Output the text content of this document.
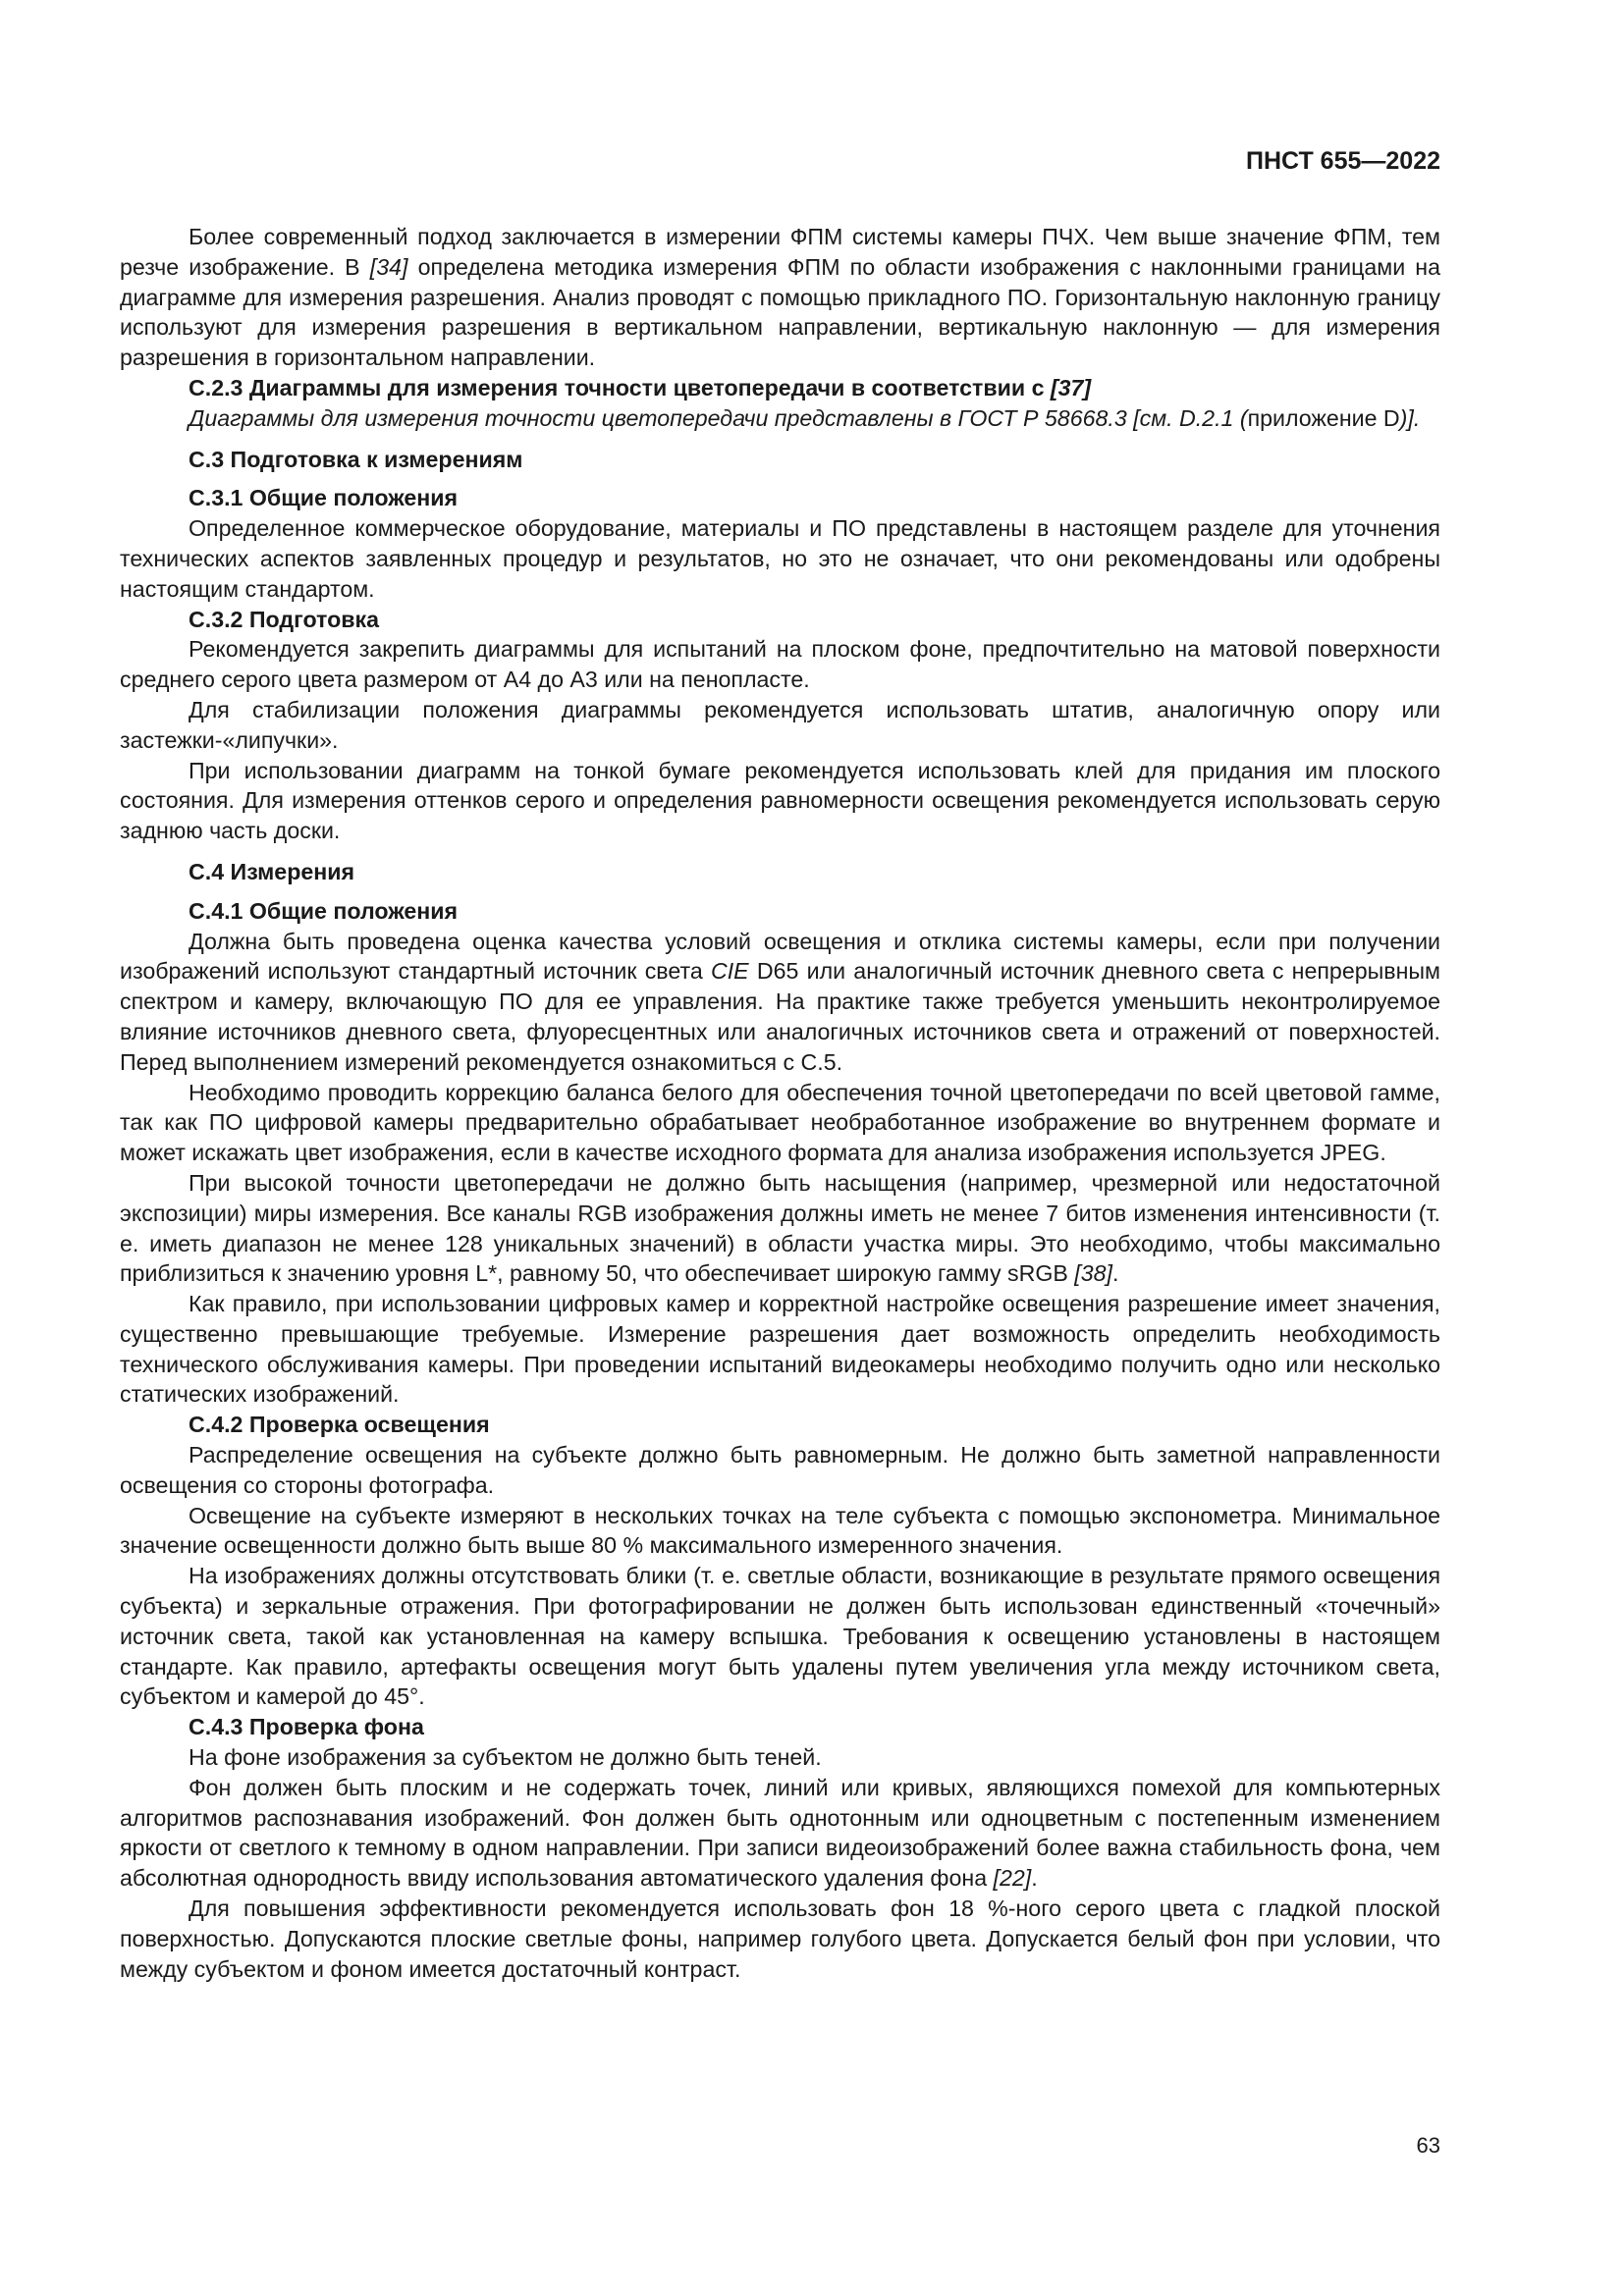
ПНСТ 655—2022

Более современный подход заключается в измерении ФПМ системы камеры ПЧХ. Чем выше значение ФПМ, тем резче изображение. В [34] определена методика измерения ФПМ по области изображения с наклонными границами на диаграмме для измерения разрешения. Анализ проводят с помощью прикладного ПО. Горизонтальную наклонную границу используют для измерения разрешения в вертикальном направлении, вертикальную наклонную — для измерения разрешения в горизонтальном направлении.

С.2.3 Диаграммы для измерения точности цветопередачи в соответствии с [37]

Диаграммы для измерения точности цветопередачи представлены в ГОСТ Р 58668.3 [см. D.2.1 (приложение D)].

С.3 Подготовка к измерениям

С.3.1 Общие положения

Определенное коммерческое оборудование, материалы и ПО представлены в настоящем разделе для уточнения технических аспектов заявленных процедур и результатов, но это не означает, что они рекомендованы или одобрены настоящим стандартом.

С.3.2 Подготовка

Рекомендуется закрепить диаграммы для испытаний на плоском фоне, предпочтительно на матовой поверхности среднего серого цвета размером от А4 до А3 или на пенопласте.

Для стабилизации положения диаграммы рекомендуется использовать штатив, аналогичную опору или застежки-«липучки».

При использовании диаграмм на тонкой бумаге рекомендуется использовать клей для придания им плоского состояния. Для измерения оттенков серого и определения равномерности освещения рекомендуется использовать серую заднюю часть доски.

С.4 Измерения

С.4.1 Общие положения

Должна быть проведена оценка качества условий освещения и отклика системы камеры, если при получении изображений используют стандартный источник света CIE D65 или аналогичный источник дневного света с непрерывным спектром и камеру, включающую ПО для ее управления. На практике также требуется уменьшить неконтролируемое влияние источников дневного света, флуоресцентных или аналогичных источников света и отражений от поверхностей. Перед выполнением измерений рекомендуется ознакомиться с С.5.

Необходимо проводить коррекцию баланса белого для обеспечения точной цветопередачи по всей цветовой гамме, так как ПО цифровой камеры предварительно обрабатывает необработанное изображение во внутреннем формате и может искажать цвет изображения, если в качестве исходного формата для анализа изображения используется JPEG.

При высокой точности цветопередачи не должно быть насыщения (например, чрезмерной или недостаточной экспозиции) миры измерения. Все каналы RGB изображения должны иметь не менее 7 битов изменения интенсивности (т. е. иметь диапазон не менее 128 уникальных значений) в области участка миры. Это необходимо, чтобы максимально приблизиться к значению уровня L*, равному 50, что обеспечивает широкую гамму sRGB [38].

Как правило, при использовании цифровых камер и корректной настройке освещения разрешение имеет значения, существенно превышающие требуемые. Измерение разрешения дает возможность определить необходимость технического обслуживания камеры. При проведении испытаний видеокамеры необходимо получить одно или несколько статических изображений.

С.4.2 Проверка освещения

Распределение освещения на субъекте должно быть равномерным. Не должно быть заметной направленности освещения со стороны фотографа.

Освещение на субъекте измеряют в нескольких точках на теле субъекта с помощью экспонометра. Минимальное значение освещенности должно быть выше 80 % максимального измеренного значения.

На изображениях должны отсутствовать блики (т. е. светлые области, возникающие в результате прямого освещения субъекта) и зеркальные отражения. При фотографировании не должен быть использован единственный «точечный» источник света, такой как установленная на камеру вспышка. Требования к освещению установлены в настоящем стандарте. Как правило, артефакты освещения могут быть удалены путем увеличения угла между источником света, субъектом и камерой до 45°.

С.4.3 Проверка фона

На фоне изображения за субъектом не должно быть теней.

Фон должен быть плоским и не содержать точек, линий или кривых, являющихся помехой для компьютерных алгоритмов распознавания изображений. Фон должен быть однотонным или одноцветным с постепенным изменением яркости от светлого к темному в одном направлении. При записи видеоизображений более важна стабильность фона, чем абсолютная однородность ввиду использования автоматического удаления фона [22].

Для повышения эффективности рекомендуется использовать фон 18 %-ного серого цвета с гладкой плоской поверхностью. Допускаются плоские светлые фоны, например голубого цвета. Допускается белый фон при условии, что между субъектом и фоном имеется достаточный контраст.

63
